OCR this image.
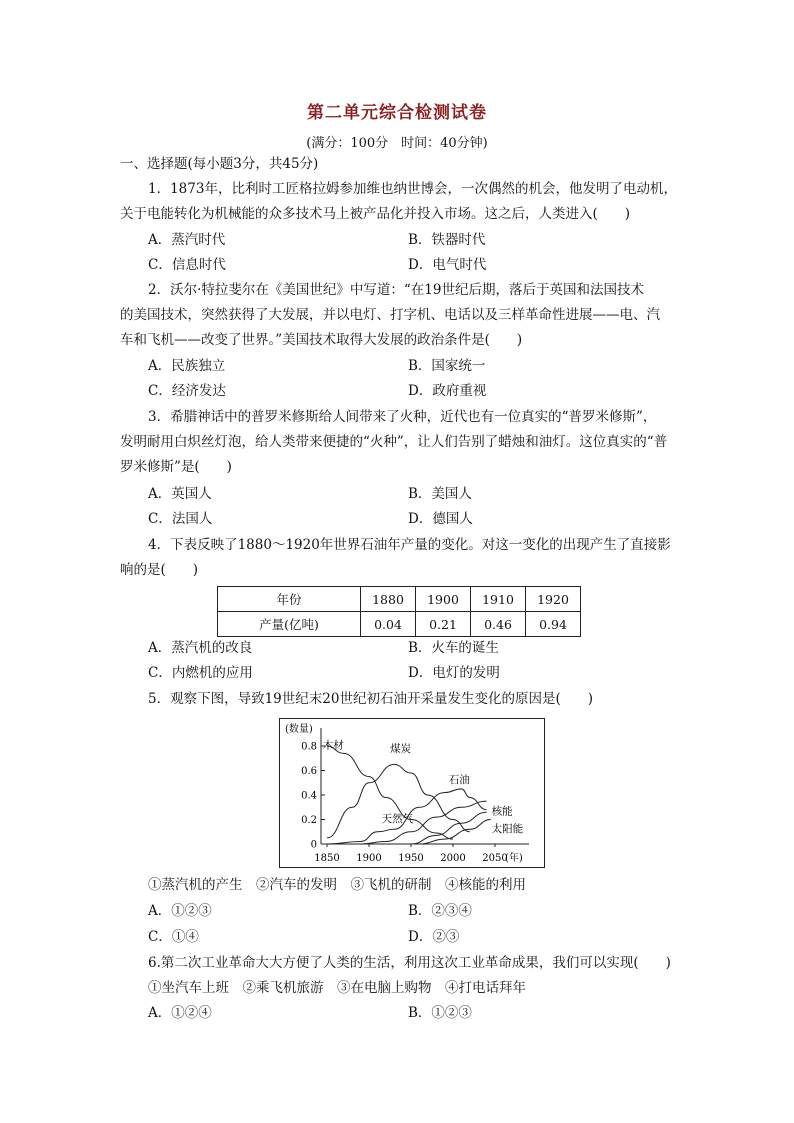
第二单元综合检测试卷
(满分：100分　时间：40分钟)
一、选择题(每小题3分，共45分)
1．1873年，比利时工匠格拉姆参加维也纳世博会，一次偶然的机会，他发明了电动机，
关于电能转化为机械能的众多技术马上被产品化并投入市场。这之后，人类进入(　　)
A．蒸汽时代	B．铁器时代
C．信息时代	D．电气时代
2．沃尔·特拉斐尔在《美国世纪》中写道：“在19世纪后期，落后于英国和法国技术
的美国技术，突然获得了大发展，并以电灯、打字机、电话以及三样革命性进展——电、汽
车和飞机——改变了世界。”美国技术取得大发展的政治条件是(　　)
A．民族独立	B．国家统一
C．经济发达	D．政府重视
3．希腊神话中的普罗米修斯给人间带来了火种，近代也有一位真实的“普罗米修斯”，
发明耐用白炽丝灯泡，给人类带来便捷的“火种”，让人们告别了蜡烛和油灯。这位真实的“普
罗米修斯”是(　　)
A．英国人	B．美国人
C．法国人	D．德国人
4．下表反映了1880～1920年世界石油年产量的变化。对这一变化的出现产生了直接影
响的是(　　)
年份	1880	1900	1910	1920
产量(亿吨)	0.04	0.21	0.46	0.94
A．蒸汽机的改良	B．火车的诞生
C．内燃机的应用	D．电灯的发明
5．观察下图，导致19世纪末20世纪初石油开采量发生变化的原因是(　　)
(数量)
(年)
0
0.2
0.4
0.6
0.8
1850 1900 1950 2000 2050
木材	煤炭
石油
天然气
核能
太阳能
①蒸汽机的产生　②汽车的发明　③飞机的研制　④核能的利用
A．①②③	B．②③④
C．①④	D．②③
6.第二次工业革命大大方便了人类的生活，利用这次工业革命成果，我们可以实现(　　)
①坐汽车上班　②乘飞机旅游　③在电脑上购物　④打电话拜年
A．①②④	B．①②③
